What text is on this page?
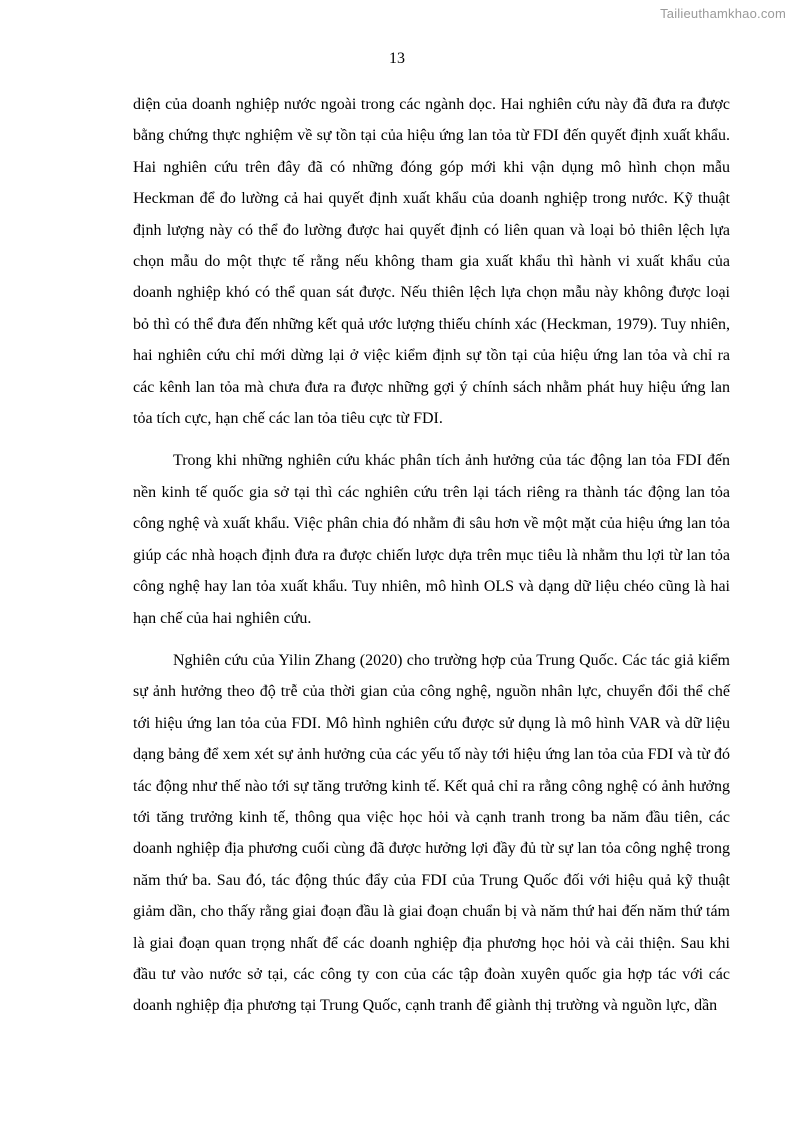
Tailieuthamkhao.com
13

diện của doanh nghiệp nước ngoài trong các ngành dọc. Hai nghiên cứu này đã đưa ra được bằng chứng thực nghiệm về sự tồn tại của hiệu ứng lan tỏa từ FDI đến quyết định xuất khẩu. Hai nghiên cứu trên đây đã có những đóng góp mới khi vận dụng mô hình chọn mẫu Heckman để đo lường cả hai quyết định xuất khẩu của doanh nghiệp trong nước. Kỹ thuật định lượng này có thể đo lường được hai quyết định có liên quan và loại bỏ thiên lệch lựa chọn mẫu do một thực tế rằng nếu không tham gia xuất khẩu thì hành vi xuất khẩu của doanh nghiệp khó có thể quan sát được. Nếu thiên lệch lựa chọn mẫu này không được loại bỏ thì có thể đưa đến những kết quả ước lượng thiếu chính xác (Heckman, 1979). Tuy nhiên, hai nghiên cứu chỉ mới dừng lại ở việc kiểm định sự tồn tại của hiệu ứng lan tỏa và chỉ ra các kênh lan tỏa mà chưa đưa ra được những gợi ý chính sách nhằm phát huy hiệu ứng lan tỏa tích cực, hạn chế các lan tỏa tiêu cực từ FDI.

Trong khi những nghiên cứu khác phân tích ảnh hưởng của tác động lan tỏa FDI đến nền kinh tế quốc gia sở tại thì các nghiên cứu trên lại tách riêng ra thành tác động lan tỏa công nghệ và xuất khẩu. Việc phân chia đó nhằm đi sâu hơn về một mặt của hiệu ứng lan tỏa giúp các nhà hoạch định đưa ra được chiến lược dựa trên mục tiêu là nhằm thu lợi từ lan tỏa công nghệ hay lan tỏa xuất khẩu. Tuy nhiên, mô hình OLS và dạng dữ liệu chéo cũng là hai hạn chế của hai nghiên cứu.

Nghiên cứu của Yilin Zhang (2020) cho trường hợp của Trung Quốc. Các tác giả kiểm sự ảnh hưởng theo độ trễ của thời gian của công nghệ, nguồn nhân lực, chuyển đổi thể chế tới hiệu ứng lan tỏa của FDI. Mô hình nghiên cứu được sử dụng là mô hình VAR và dữ liệu dạng bảng để xem xét sự ảnh hưởng của các yếu tố này tới hiệu ứng lan tỏa của FDI và từ đó tác động như thế nào tới sự tăng trưởng kinh tế. Kết quả chỉ ra rằng công nghệ có ảnh hưởng tới tăng trưởng kinh tế, thông qua việc học hỏi và cạnh tranh trong ba năm đầu tiên, các doanh nghiệp địa phương cuối cùng đã được hưởng lợi đầy đủ từ sự lan tỏa công nghệ trong năm thứ ba. Sau đó, tác động thúc đẩy của FDI của Trung Quốc đối với hiệu quả kỹ thuật giảm dần, cho thấy rằng giai đoạn đầu là giai đoạn chuẩn bị và năm thứ hai đến năm thứ tám là giai đoạn quan trọng nhất để các doanh nghiệp địa phương học hỏi và cải thiện. Sau khi đầu tư vào nước sở tại, các công ty con của các tập đoàn xuyên quốc gia hợp tác với các doanh nghiệp địa phương tại Trung Quốc, cạnh tranh để giành thị trường và nguồn lực, dần
